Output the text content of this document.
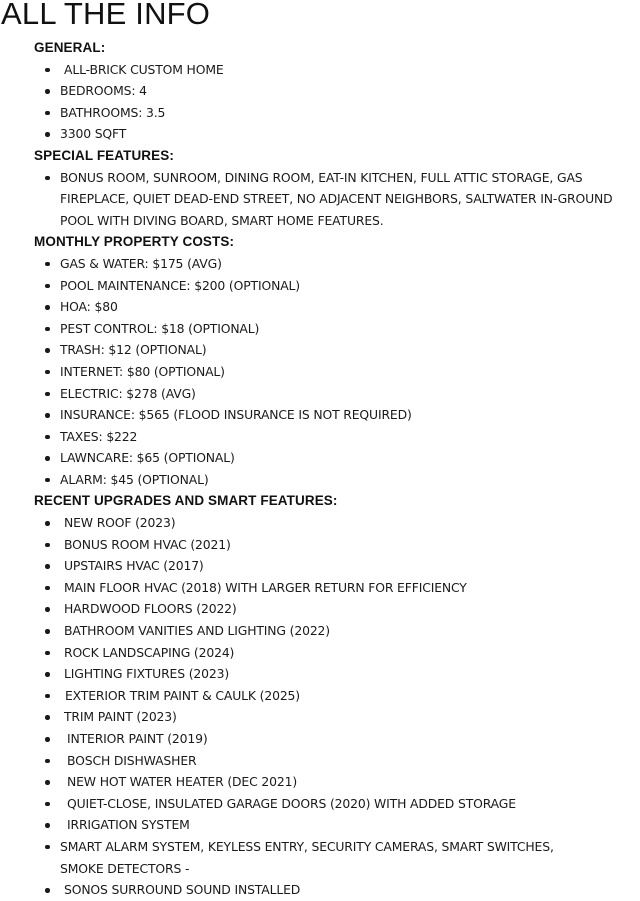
ALL THE INFO
GENERAL:
ALL-BRICK CUSTOM HOME
BEDROOMS: 4
BATHROOMS: 3.5
3300 SQFT
SPECIAL FEATURES:
BONUS ROOM, SUNROOM, DINING ROOM, EAT-IN KITCHEN, FULL ATTIC STORAGE, GAS FIREPLACE, QUIET DEAD-END STREET, NO ADJACENT NEIGHBORS, SALTWATER IN-GROUND POOL WITH DIVING BOARD, SMART HOME FEATURES.
MONTHLY PROPERTY COSTS:
GAS & WATER: $175 (AVG)
POOL MAINTENANCE: $200 (OPTIONAL)
HOA: $80
PEST CONTROL: $18 (OPTIONAL)
TRASH: $12 (OPTIONAL)
INTERNET: $80 (OPTIONAL)
ELECTRIC: $278 (AVG)
INSURANCE: $565 (FLOOD INSURANCE IS NOT REQUIRED)
TAXES: $222
LAWNCARE: $65 (OPTIONAL)
ALARM: $45 (OPTIONAL)
RECENT UPGRADES AND SMART FEATURES:
NEW ROOF (2023)
BONUS ROOM HVAC (2021)
UPSTAIRS HVAC (2017)
MAIN FLOOR HVAC (2018) WITH LARGER RETURN FOR EFFICIENCY
HARDWOOD FLOORS (2022)
BATHROOM VANITIES AND LIGHTING (2022)
ROCK LANDSCAPING (2024)
LIGHTING FIXTURES (2023)
EXTERIOR TRIM PAINT & CAULK (2025)
TRIM PAINT (2023)
INTERIOR PAINT (2019)
BOSCH DISHWASHER
NEW HOT WATER HEATER (DEC 2021)
QUIET-CLOSE, INSULATED GARAGE DOORS (2020) WITH ADDED STORAGE
IRRIGATION SYSTEM
SMART ALARM SYSTEM, KEYLESS ENTRY, SECURITY CAMERAS, SMART SWITCHES, SMOKE DETECTORS -
SONOS SURROUND SOUND INSTALLED
